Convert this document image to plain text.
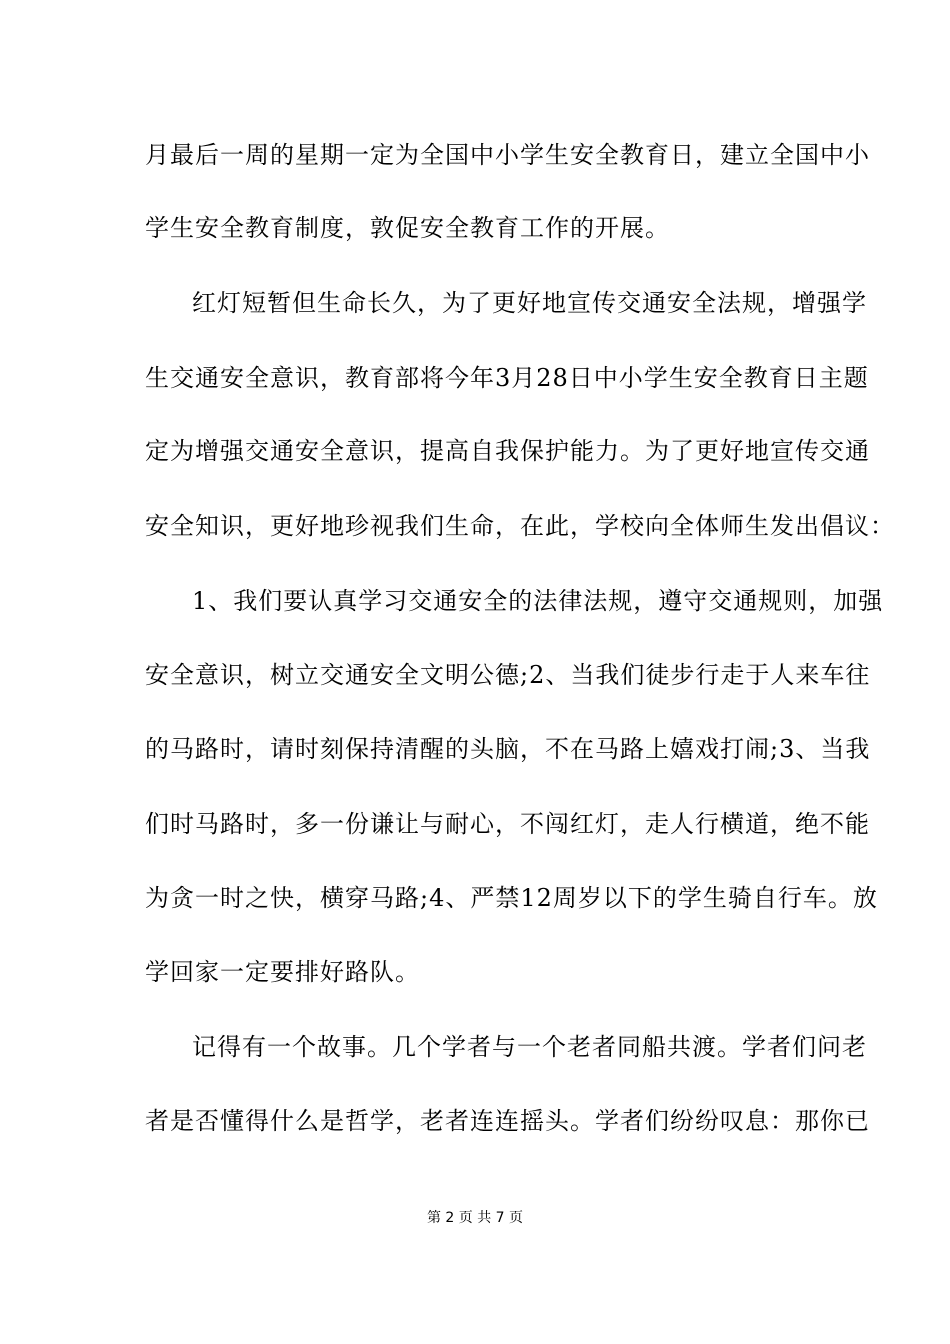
月最后一周的星期一定为全国中小学生安全教育日，建立全国中小
学生安全教育制度，敦促安全教育工作的开展。
红灯短暂但生命长久，为了更好地宣传交通安全法规，增强学
生交通安全意识，教育部将今年3月28日中小学生安全教育日主题
定为增强交通安全意识，提高自我保护能力。为了更好地宣传交通
安全知识，更好地珍视我们生命，在此，学校向全体师生发出倡议：
1、我们要认真学习交通安全的法律法规，遵守交通规则，加强
安全意识，树立交通安全文明公德;2、当我们徒步行走于人来车往
的马路时，请时刻保持清醒的头脑，不在马路上嬉戏打闹;3、当我
们时马路时，多一份谦让与耐心，不闯红灯，走人行横道，绝不能
为贪一时之快，横穿马路;4、严禁12周岁以下的学生骑自行车。放
学回家一定要排好路队。
记得有一个故事。几个学者与一个老者同船共渡。学者们问老
者是否懂得什么是哲学，老者连连摇头。学者们纷纷叹息：那你已
第 2 页 共 7 页
